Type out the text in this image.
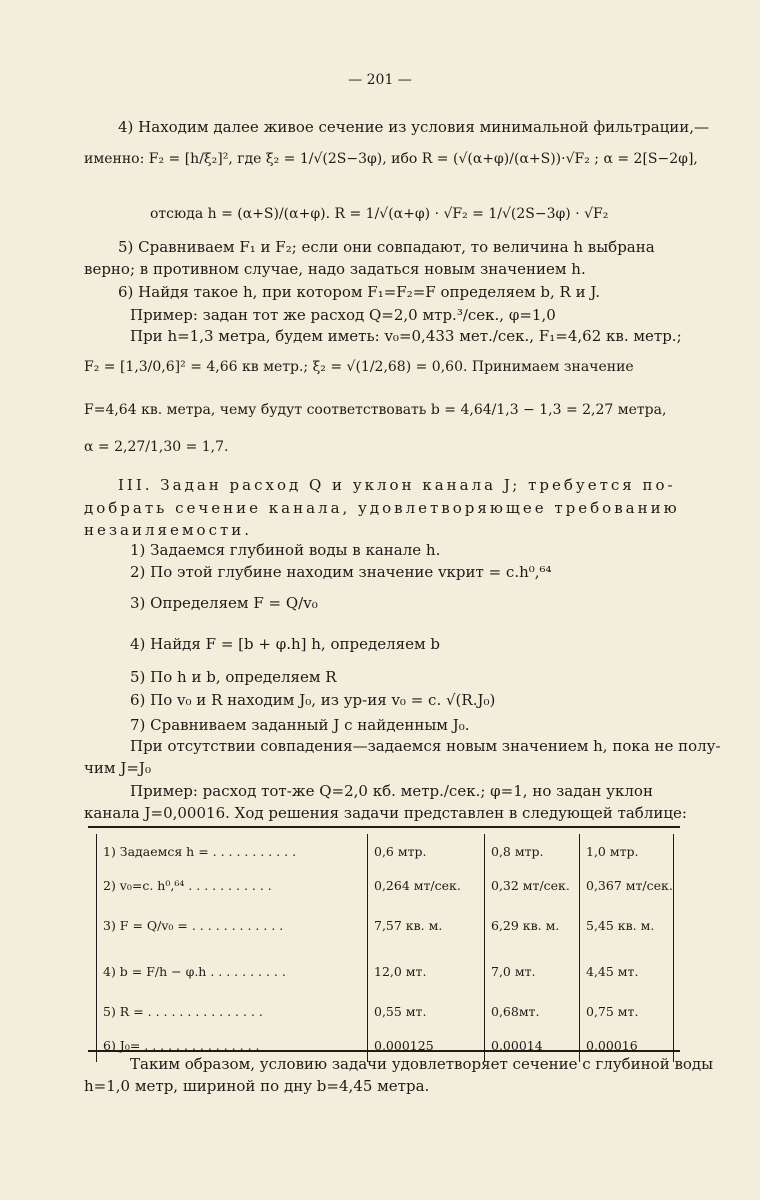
— 201 —
4) Находим далее живое сечение из условия минимальной фильтрации,—
именно: F₂ = [h/ξ₂]², где ξ₂ = 1/√(2S−3φ), ибо R = (√(α+φ)/(α+S))·√F₂ ; α = 2[S−2φ],
отсюда h = (α+S)/(α+φ). R = 1/√(α+φ) · √F₂ = 1/√(2S−3φ) · √F₂
5) Сравниваем F₁ и F₂; если они совпадают, то величина h выбрана
верно; в противном случае, надо задаться новым значением h.
6) Найдя такое h, при котором F₁=F₂=F определяем b, R и J.
Пример: задан тот же расход Q=2,0 мтр.³/сек., φ=1,0
При h=1,3 метра, будем иметь: v₀=0,433 мет./сек., F₁=4,62 кв. метр.;
F₂ = [1,3/0,6]² = 4,66 кв метр.; ξ₂ = √(1/2,68) = 0,60. Принимаем значение
F=4,64 кв. метра, чему будут соответствовать b = 4,64/1,3 − 1,3 = 2,27 метра,
α = 2,27/1,30 = 1,7.
III. Задан расход Q и уклон канала J; требуется по-
добрать сечение канала, удовлетворяющее требованию
незаиляемости.
1) Задаемся глубиной воды в канале h.
2) По этой глубине находим значение vкрит = c.h⁰,⁶⁴
3) Определяем F = Q/v₀
4) Найдя F = [b + φ.h] h, определяем b
5) По h и b, определяем R
6) По v₀ и R находим J₀, из ур-ия v₀ = c. √(R.J₀)
7) Сравниваем заданный J с найденным J₀.
При отсутствии совпадения—задаемся новым значением h, пока не полу-
чим J=J₀
Пример: расход тот-же Q=2,0 кб. метр./сек.; φ=1, но задан уклон
канала J=0,00016. Ход решения задачи представлен в следующей таблице:
1) Задаемся h = . . . . . . . . . . .	0,6 мтр.	0,8 мтр.	1,0 мтр.
2) v₀=c. h⁰,⁶⁴ . . . . . . . . . . .	0,264 мт/сек.	0,32 мт/сек.	0,367 мт/сек.
3) F = Q/v₀ = . . . . . . . . . . . .	7,57 кв. м.	6,29 кв. м.	5,45 кв. м.
4) b = F/h − φ.h . . . . . . . . . .	12,0 мт.	7,0 мт.	4,45 мт.
5) R = . . . . . . . . . . . . . . .	0,55 мт.	0,68мт.	0,75 мт.
6) J₀= . . . . . . . . . . . . . . .	0,000125	0,00014	0,00016
Таким образом, условию задачи удовлетворяет сечение с глубиной воды
h=1,0 метр, шириной по дну b=4,45 метра.
